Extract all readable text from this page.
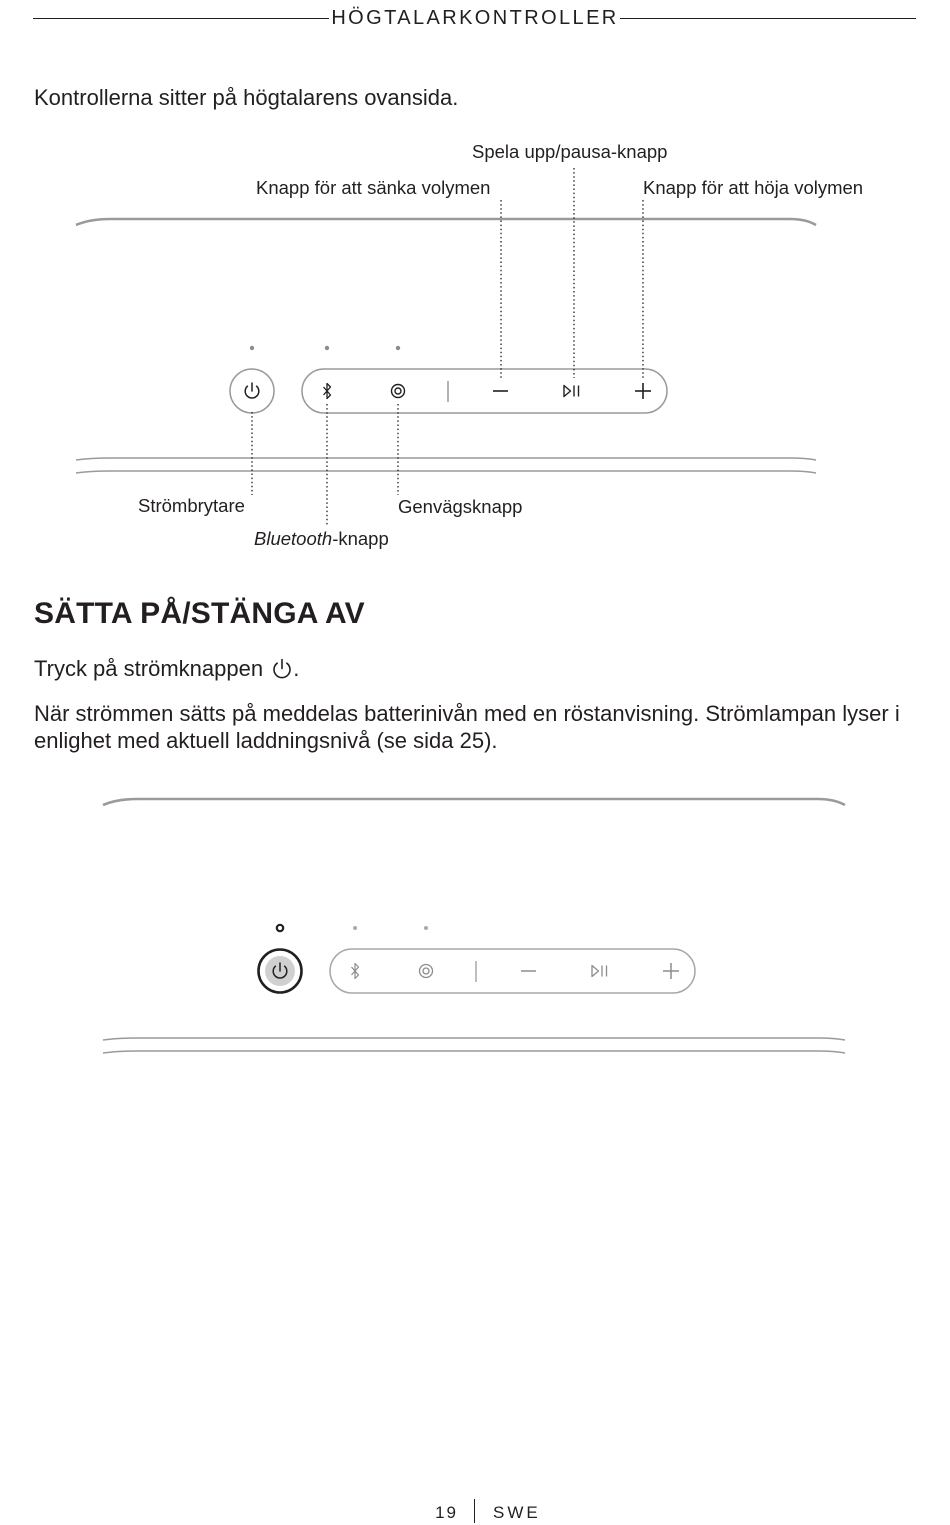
HÖGTALARKONTROLLER
Kontrollerna sitter på högtalarens ovansida.
Spela upp/pausa-knapp
Knapp för att sänka volymen	Knapp för att höja volymen
Strömbrytare	Genvägsknapp
Bluetooth-knapp
SÄTTA PÅ/STÄNGA AV
Tryck på strömknappen .
När strömmen sätts på meddelas batterinivån med en röstanvisning. Strömlampan lyser i enlighet med aktuell laddningsnivå (se sida 25).
19 SWE
